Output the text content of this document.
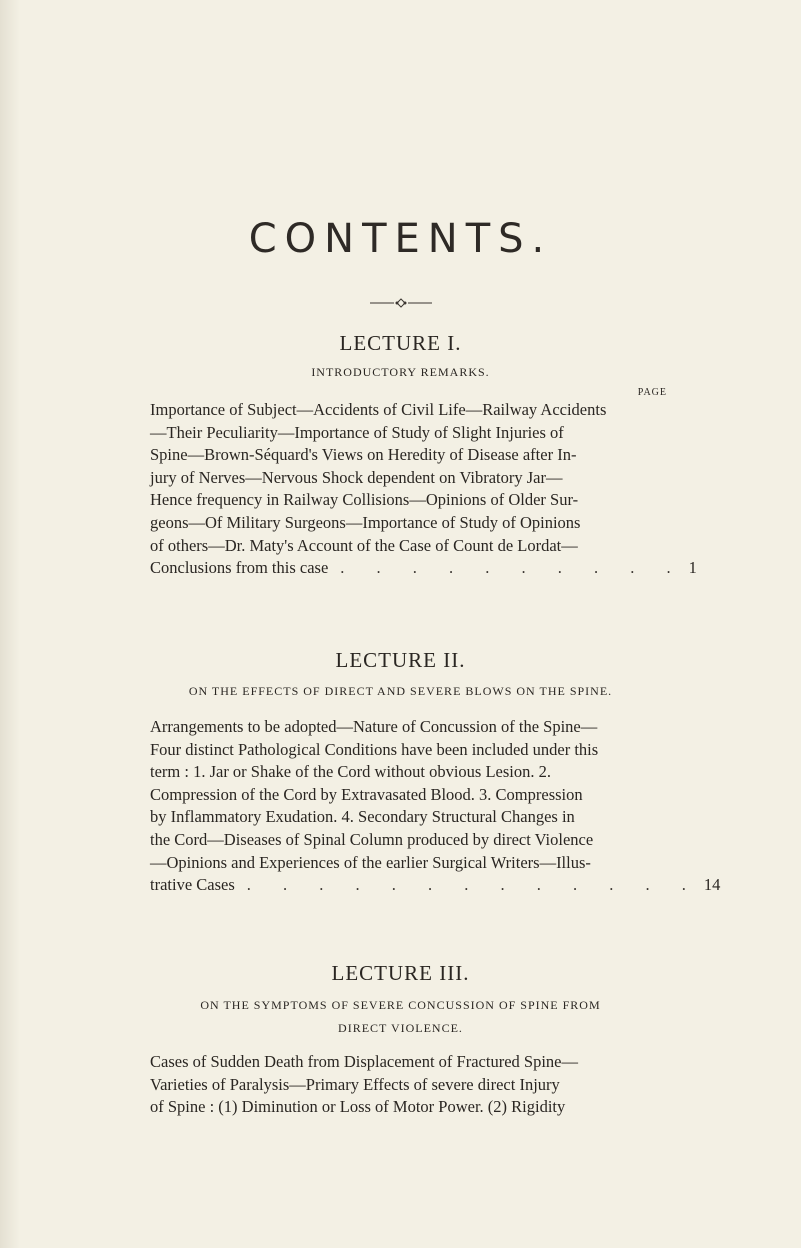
CONTENTS.
LECTURE I.
INTRODUCTORY REMARKS.
PAGE
Importance of Subject—Accidents of Civil Life—Railway Accidents
—Their Peculiarity—Importance of Study of Slight Injuries of
Spine—Brown-Séquard's Views on Heredity of Disease after In-
jury of Nerves—Nervous Shock dependent on Vibratory Jar—
Hence frequency in Railway Collisions—Opinions of Older Sur-
geons—Of Military Surgeons—Importance of Study of Opinions
of others—Dr. Maty's Account of the Case of Count de Lordat—
Conclusions from this case . . . . . . . . . . 1
LECTURE II.
ON THE EFFECTS OF DIRECT AND SEVERE BLOWS ON THE SPINE.
Arrangements to be adopted—Nature of Concussion of the Spine—
Four distinct Pathological Conditions have been included under this
term : 1. Jar or Shake of the Cord without obvious Lesion. 2.
Compression of the Cord by Extravasated Blood. 3. Compression
by Inflammatory Exudation. 4. Secondary Structural Changes in
the Cord—Diseases of Spinal Column produced by direct Violence
—Opinions and Experiences of the earlier Surgical Writers—Illus-
trative Cases . . . . . . . . . . . . . 14
LECTURE III.
ON THE SYMPTOMS OF SEVERE CONCUSSION OF SPINE FROM
DIRECT VIOLENCE.
Cases of Sudden Death from Displacement of Fractured Spine—
Varieties of Paralysis—Primary Effects of severe direct Injury
of Spine : (1) Diminution or Loss of Motor Power. (2) Rigidity
